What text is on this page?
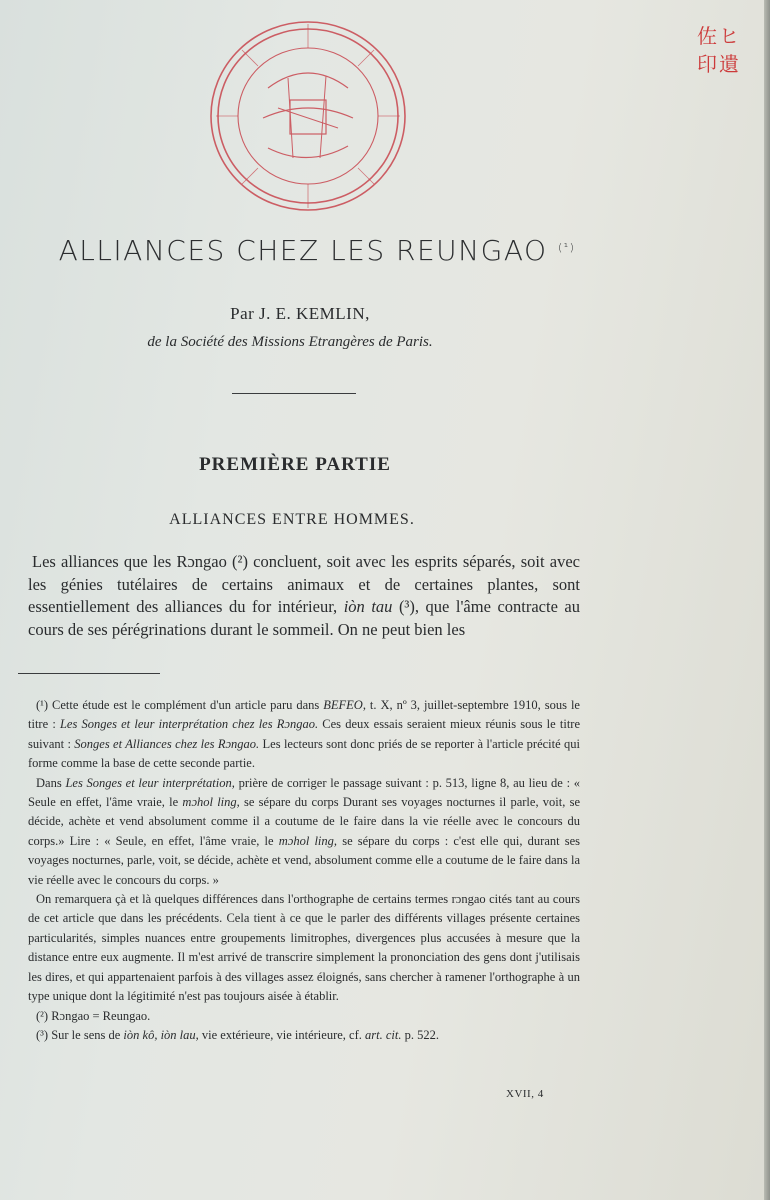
佐ヒ
印遺
ALLIANCES CHEZ LES REUNGAO $^{(^1)}$
Par J. E. KEMLIN,
de la Société des Missions Etrangères de Paris.
PREMIÈRE PARTIE
ALLIANCES ENTRE HOMMES.
Les alliances que les Rɔngao (²) concluent, soit avec les esprits séparés, soit avec les génies tutélaires de certains animaux et de certaines plantes, sont essentiellement des alliances du for intérieur, iòn tau (³), que l'âme contracte au cours de ses pérégrinations durant le sommeil. On ne peut bien les

(¹) Cette étude est le complément d'un article paru dans BEFEO, t. X, nº 3, juillet-septembre 1910, sous le titre : Les Songes et leur interprétation chez les Rɔngao. Ces deux essais seraient mieux réunis sous le titre suivant : Songes et Alliances chez les Rɔngao. Les lecteurs sont donc priés de se reporter à l'article précité qui forme comme la base de cette seconde partie.

Dans Les Songes et leur interprétation, prière de corriger le passage suivant : p. 513, ligne 8, au lieu de : « Seule en effet, l'âme vraie, le mɔhol ling, se sépare du corps Durant ses voyages nocturnes il parle, voit, se décide, achète et vend absolument comme il a coutume de le faire dans la vie réelle avec le concours du corps.» Lire : « Seule, en effet, l'âme vraie, le mɔhol ling, se sépare du corps : c'est elle qui, durant ses voyages nocturnes, parle, voit, se décide, achète et vend, absolument comme elle a coutume de le faire dans la vie réelle avec le concours du corps. »

On remarquera çà et là quelques différences dans l'orthographe de certains termes rɔngao cités tant au cours de cet article que dans les précédents. Cela tient à ce que le parler des différents villages présente certaines particularités, simples nuances entre groupements limitrophes, divergences plus accusées à mesure que la distance entre eux augmente. Il m'est arrivé de transcrire simplement la prononciation des gens dont j'utilisais les dires, et qui appartenaient parfois à des villages assez éloignés, sans chercher à ramener l'orthographe à un type unique dont la légitimité n'est pas toujours aisée à établir.

(²) Rɔngao = Reungao.

(³) Sur le sens de iòn kô, iòn lau, vie extérieure, vie intérieure, cf. art. cit. p. 522.

XVII, 4
